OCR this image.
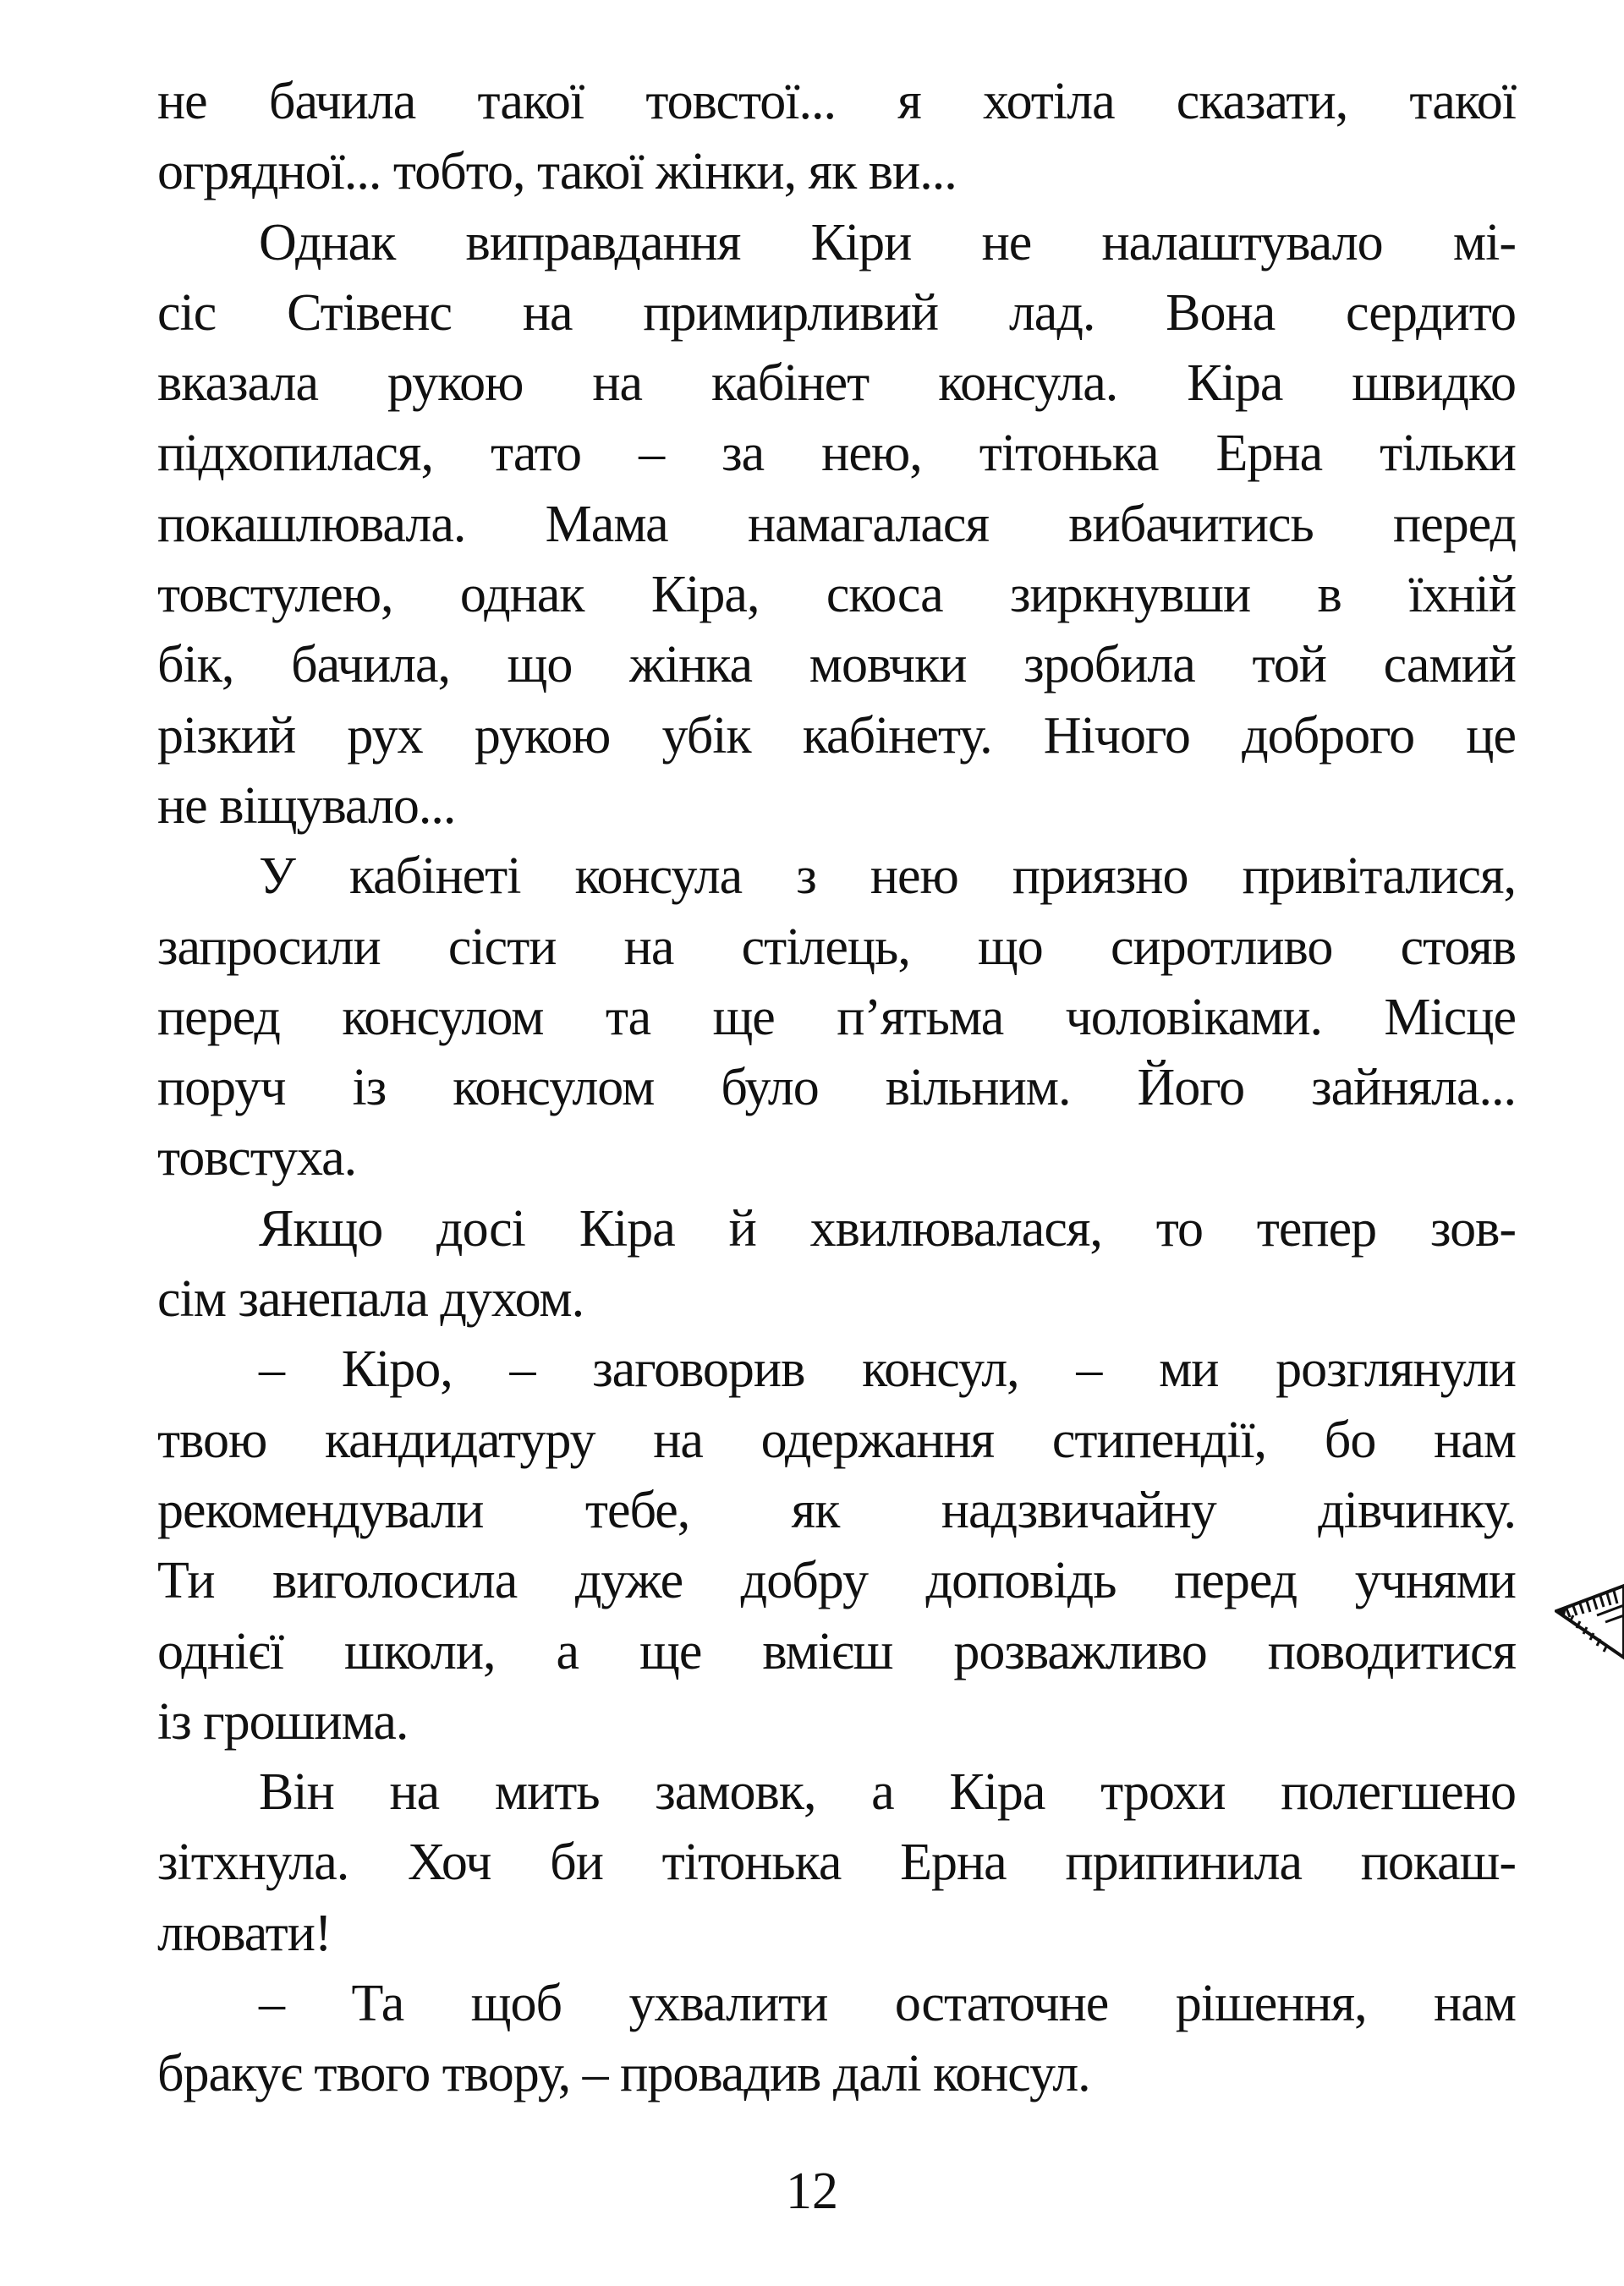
не бачила такої товстої... я хотіла сказати, такої
огрядної... тобто, такої жінки, як ви...
Однак виправдання Кіри не налаштувало мі-
сіс Стівенс на примирливий лад. Вона сердито
вказала рукою на кабінет консула. Кіра швидко
підхопилася, тато – за нею, тітонька Ерна тільки
покашлювала. Мама намагалася вибачитись перед
товстулею, однак Кіра, скоса зиркнувши в їхній
бік, бачила, що жінка мовчки зробила той самий
різкий рух рукою убік кабінету. Нічого доброго це
не віщувало...
У кабінеті консула з нею приязно привіталися,
запросили сісти на стілець, що сиротливо стояв
перед консулом та ще п’ятьма чоловіками. Місце
поруч із консулом було вільним. Його зайняла...
товстуха.
Якщо досі Кіра й хвилювалася, то тепер зов-
сім занепала духом.
– Кіро, – заговорив консул, – ми розглянули
твою кандидатуру на одержання стипендії, бо нам
рекомендували тебе, як надзвичайну дівчинку.
Ти виголосила дуже добру доповідь перед учнями
однієї школи, а ще вмієш розважливо поводитися
із грошима.
Він на мить замовк, а Кіра трохи полегшено
зітхнула. Хоч би тітонька Ерна припинила покаш-
лювати!
– Та щоб ухвалити остаточне рішення, нам
бракує твого твору, – провадив далі консул.
12
